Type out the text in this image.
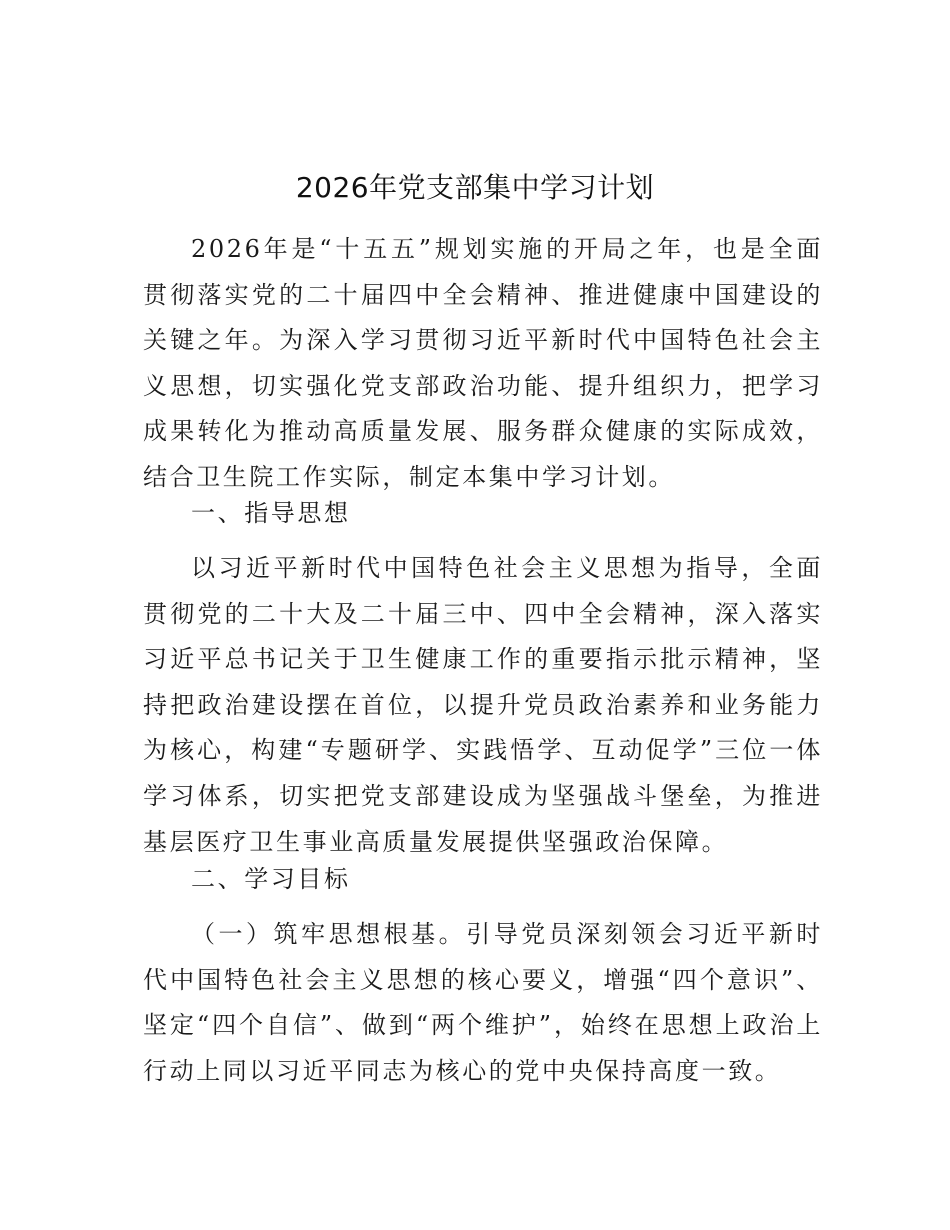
2026年党支部集中学习计划

2026年是“十五五”规划实施的开局之年，也是全面贯彻落实党的二十届四中全会精神、推进健康中国建设的关键之年。为深入学习贯彻习近平新时代中国特色社会主义思想，切实强化党支部政治功能、提升组织力，把学习成果转化为推动高质量发展、服务群众健康的实际成效，结合卫生院工作实际，制定本集中学习计划。

一、指导思想

以习近平新时代中国特色社会主义思想为指导，全面贯彻党的二十大及二十届三中、四中全会精神，深入落实习近平总书记关于卫生健康工作的重要指示批示精神，坚持把政治建设摆在首位，以提升党员政治素养和业务能力为核心，构建“专题研学、实践悟学、互动促学”三位一体学习体系，切实把党支部建设成为坚强战斗堡垒，为推进基层医疗卫生事业高质量发展提供坚强政治保障。

二、学习目标

（一）筑牢思想根基。引导党员深刻领会习近平新时代中国特色社会主义思想的核心要义，增强“四个意识”、坚定“四个自信”、做到“两个维护”，始终在思想上政治上行动上同以习近平同志为核心的党中央保持高度一致。
